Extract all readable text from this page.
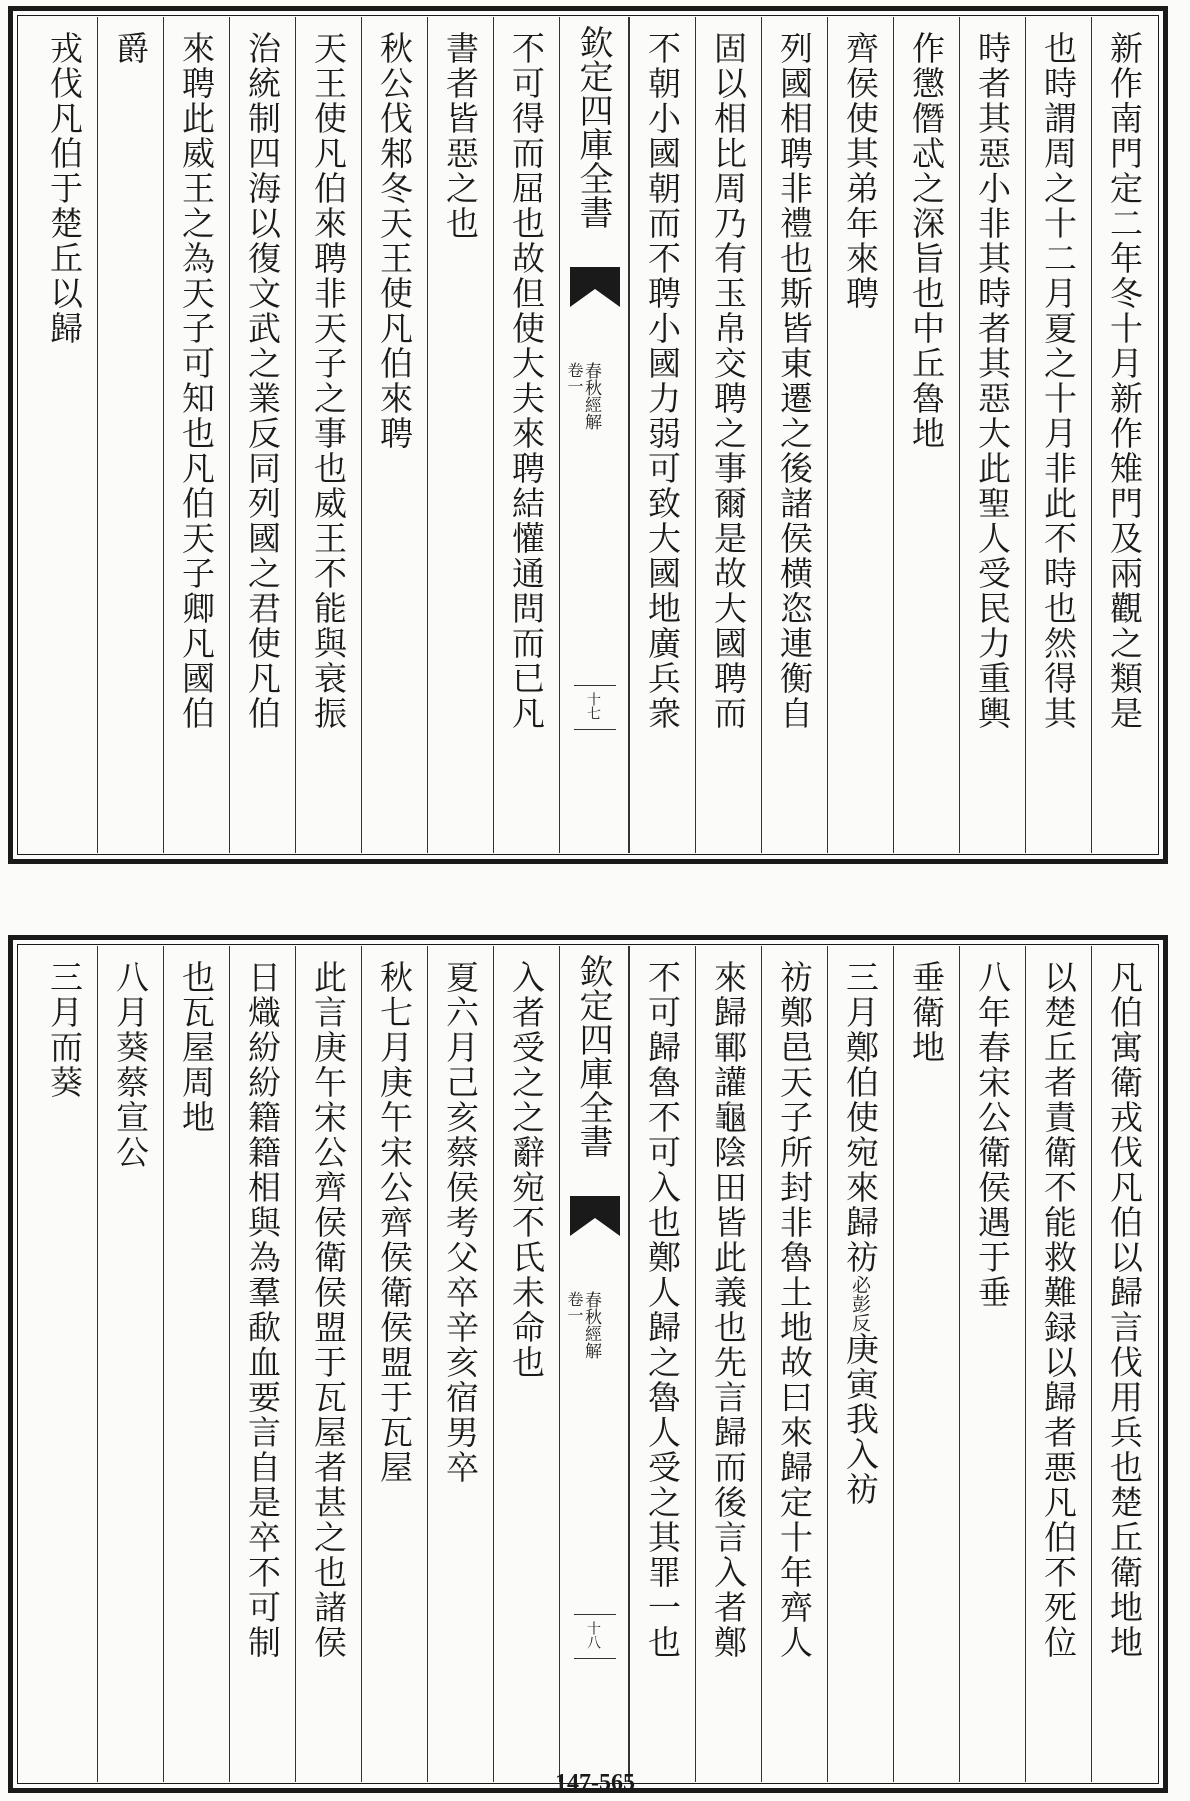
新作南門定二年冬十月新作雉門及兩觀之類是
也時謂周之十二月夏之十月非此不時也然得其
時者其惡小非其時者其惡大此聖人受民力重輿
作懲僭忒之深旨也中丘魯地
齊侯使其弟年來聘
列國相聘非禮也斯皆東遷之後諸侯横恣連衡自
固以相比周乃有玉帛交聘之事爾是故大國聘而
不朝小國朝而不聘小國力弱可致大國地廣兵衆
欽定四庫全書
春秋經解
卷一
十七
不可得而屈也故但使大夫來聘結懽通問而已凡
書者皆惡之也
秋公伐邾冬天王使凡伯來聘
天王使凡伯來聘非天子之事也威王不能與衰振
治統制四海以復文武之業反同列國之君使凡伯
來聘此威王之為天子可知也凡伯天子卿凡國伯
爵
戎伐凡伯于楚丘以歸
凡伯寓衛戎伐凡伯以歸言伐用兵也楚丘衛地地
以楚丘者責衛不能救難録以歸者悪凡伯不死位
八年春宋公衛侯遇于垂
垂衛地
三月鄭伯使宛來歸祊$^{必彭反}$庚寅我入祊
祊鄭邑天子所封非魯土地故曰來歸定十年齊人
來歸鄆讙龜陰田皆此義也先言歸而後言入者鄭
不可歸魯不可入也鄭人歸之魯人受之其罪一也
欽定四庫全書
春秋經解
卷一
十八
入者受之之辭宛不氏未命也
夏六月己亥蔡侯考父卒辛亥宿男卒
秋七月庚午宋公齊侯衛侯盟于瓦屋
此言庚午宋公齊侯衛侯盟于瓦屋者甚之也諸侯
日熾紛紛籍籍相與為羣歃血要言自是卒不可制
也瓦屋周地
八月葵蔡宣公
三月而葵
147-565
